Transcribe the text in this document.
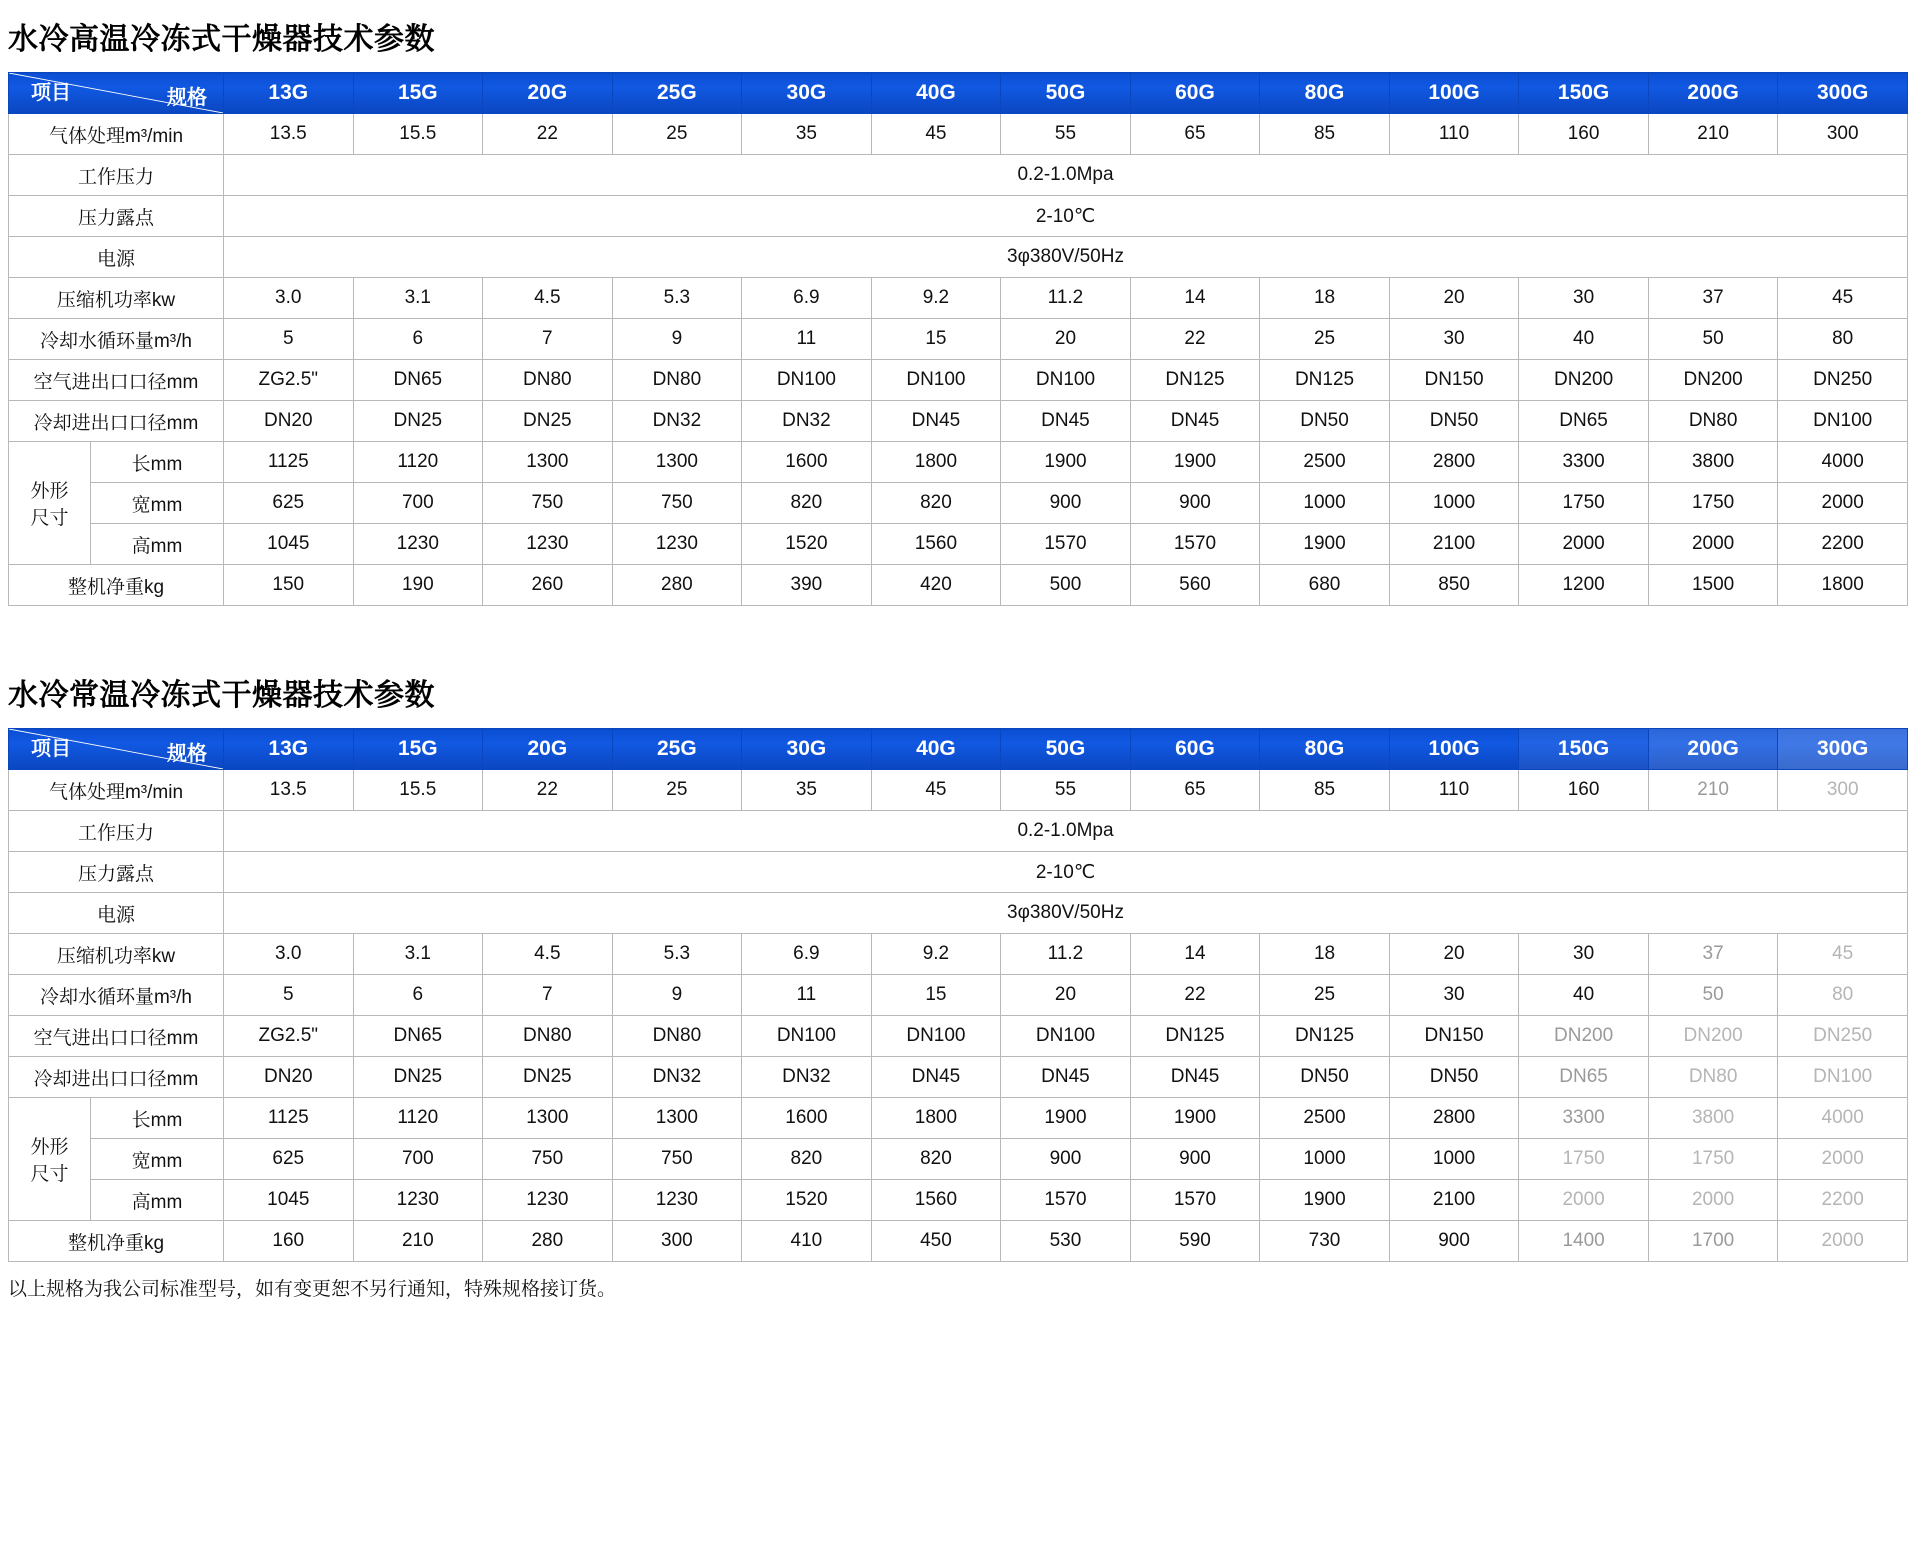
水冷高温冷冻式干燥器技术参数
规格
项目		13G	15G	20G	25G	30G	40G	50G	60G	80G	100G	150G	200G	300G
气体处理m³/min		13.5	15.5	22	25	35	45	55	65	85	110	160	210	300
工作压力		0.2-1.0Mpa												
压力露点		2-10℃												
电源		3φ380V/50Hz												
压缩机功率kw		3.0	3.1	4.5	5.3	6.9	9.2	11.2	14	18	20	30	37	45
冷却水循环量m³/h		5	6	7	9	11	15	20	22	25	30	40	50	80
空气进出口口径mm		ZG2.5"	DN65	DN80	DN80	DN100	DN100	DN100	DN125	DN125	DN150	DN200	DN200	DN250
冷却进出口口径mm		DN20	DN25	DN25	DN32	DN32	DN45	DN45	DN45	DN50	DN50	DN65	DN80	DN100

外形
尺寸	长mm	1125	1120	1300	1300	1600	1800	1900	1900	2500	2800	3300	3800	4000
	宽mm	625	700	750	750	820	820	900	900	1000	1000	1750	1750	2000
	高mm	1045	1230	1230	1230	1520	1560	1570	1570	1900	2100	2000	2000	2200
整机净重kg		150	190	260	280	390	420	500	560	680	850	1200	1500	1800
水冷常温冷冻式干燥器技术参数
规格
项目		13G	15G	20G	25G	30G	40G	50G	60G	80G	100G	150G	200G	300G
气体处理m³/min		13.5	15.5	22	25	35	45	55	65	85	110	160	210	300
工作压力		0.2-1.0Mpa												
压力露点		2-10℃												
电源		3φ380V/50Hz												
压缩机功率kw		3.0	3.1	4.5	5.3	6.9	9.2	11.2	14	18	20	30	37	45
冷却水循环量m³/h		5	6	7	9	11	15	20	22	25	30	40	50	80
空气进出口口径mm		ZG2.5"	DN65	DN80	DN80	DN100	DN100	DN100	DN125	DN125	DN150	DN200	DN200	DN250
冷却进出口口径mm		DN20	DN25	DN25	DN32	DN32	DN45	DN45	DN45	DN50	DN50	DN65	DN80	DN100

外形
尺寸	长mm	1125	1120	1300	1300	1600	1800	1900	1900	2500	2800	3300	3800	4000
	宽mm	625	700	750	750	820	820	900	900	1000	1000	1750	1750	2000
	高mm	1045	1230	1230	1230	1520	1560	1570	1570	1900	2100	2000	2000	2200
整机净重kg		160	210	280	300	410	450	530	590	730	900	1400	1700	2000
以上规格为我公司标准型号，如有变更恕不另行通知，特殊规格接订货。
